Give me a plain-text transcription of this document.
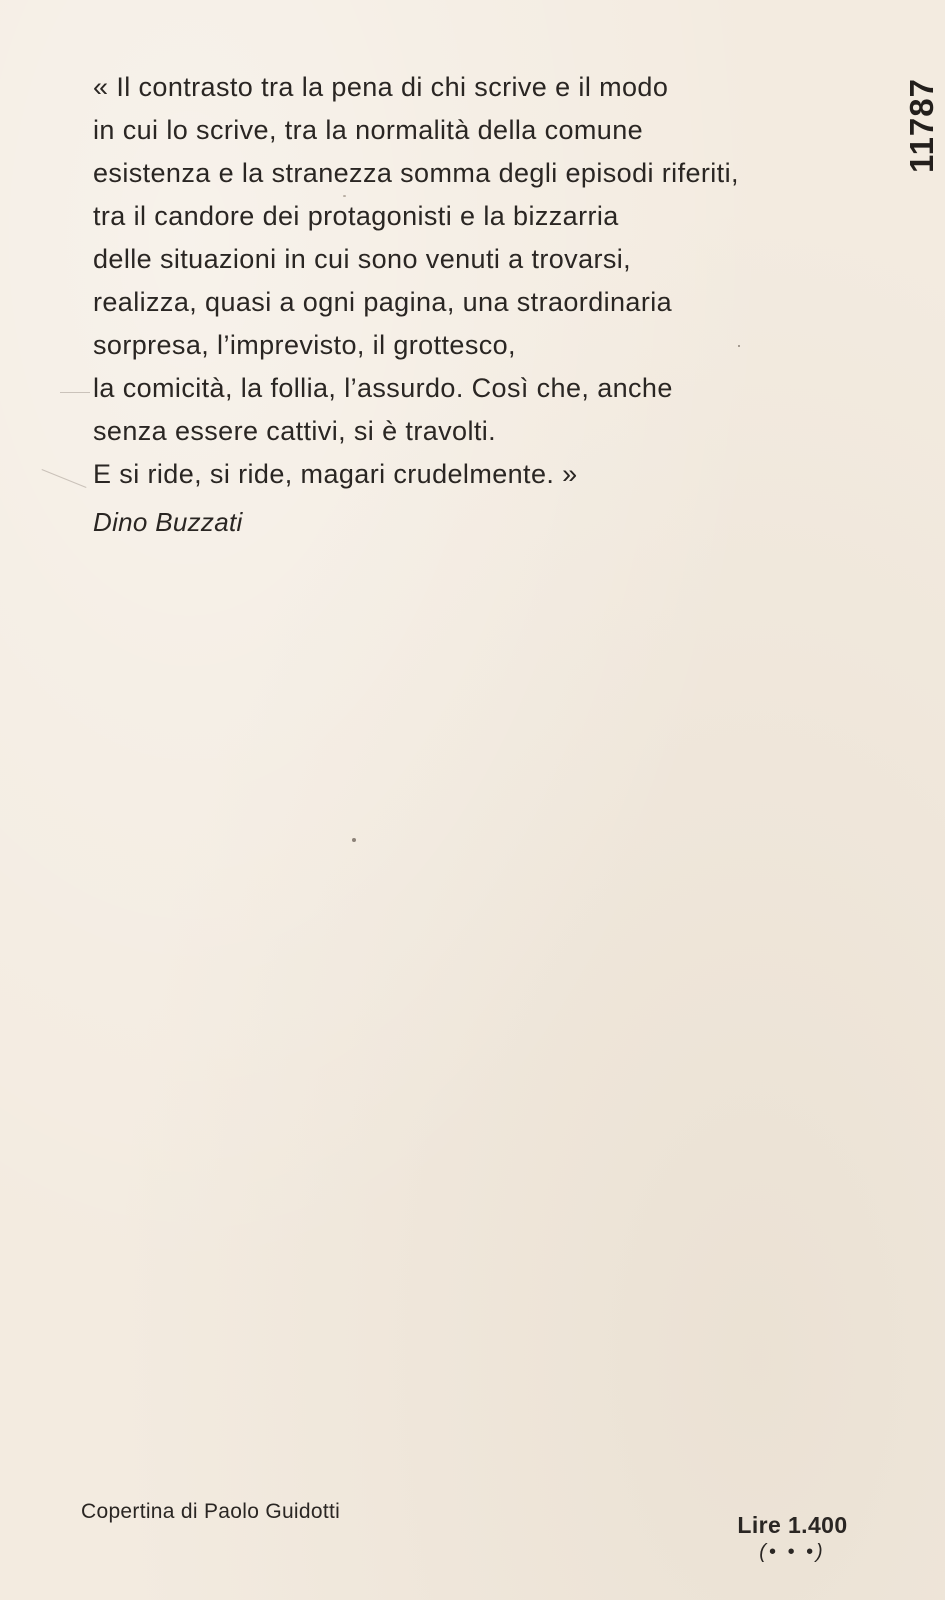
« Il contrasto tra la pena di chi scrive e il modo
in cui lo scrive, tra la normalità della comune
esistenza e la stranezza somma degli episodi riferiti,
tra il candore dei protagonisti e la bizzarria
delle situazioni in cui sono venuti a trovarsi,
realizza, quasi a ogni pagina, una straordinaria
sorpresa, l’imprevisto, il grottesco,
la comicità, la follia, l’assurdo. Così che, anche
senza essere cattivi, si è travolti.
E si ride, si ride, magari crudelmente. »
Dino Buzzati
11787
Copertina di Paolo Guidotti
Lire 1.400
(• • •)
